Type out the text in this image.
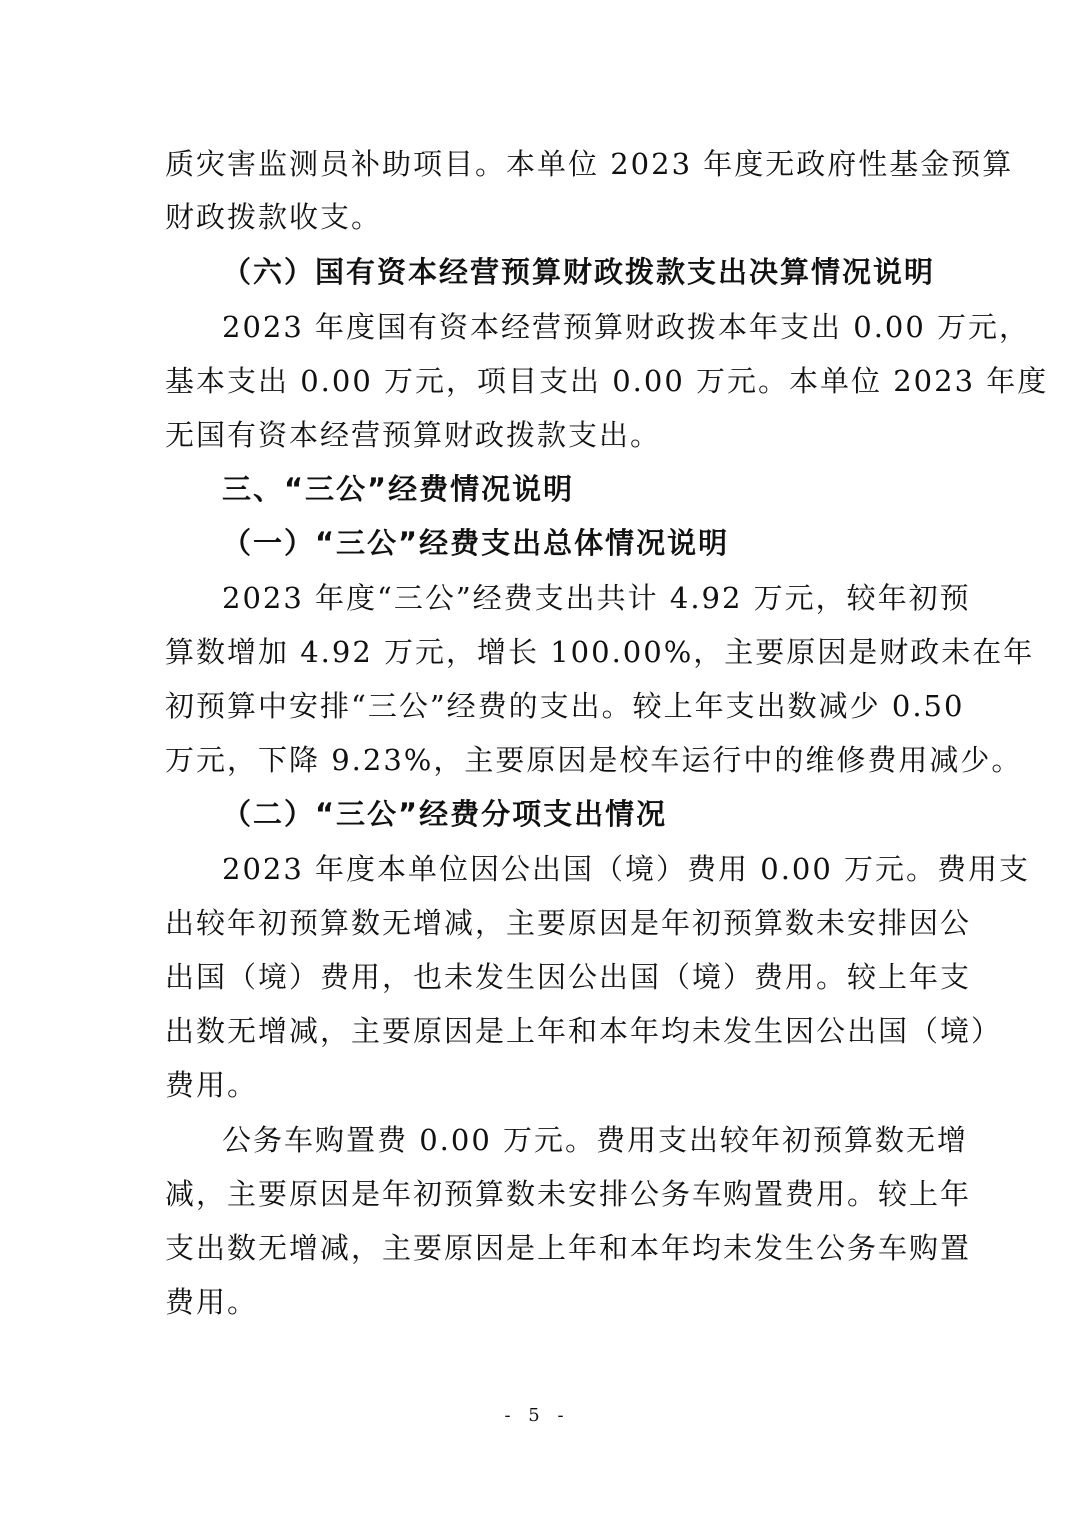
质灾害监测员补助项目。本单位 2023 年度无政府性基金预算
财政拨款收支。
（六）国有资本经营预算财政拨款支出决算情况说明
2023 年度国有资本经营预算财政拨本年支出 0.00 万元，
基本支出 0.00 万元，项目支出 0.00 万元。本单位 2023 年度
无国有资本经营预算财政拨款支出。
三、“三公”经费情况说明
（一）“三公”经费支出总体情况说明
2023 年度“三公”经费支出共计 4.92 万元，较年初预
算数增加 4.92 万元，增长 100.00%，主要原因是财政未在年
初预算中安排“三公”经费的支出。较上年支出数减少 0.50
万元，下降 9.23%，主要原因是校车运行中的维修费用减少。
（二）“三公”经费分项支出情况
2023 年度本单位因公出国（境）费用 0.00 万元。费用支
出较年初预算数无增减，主要原因是年初预算数未安排因公
出国（境）费用，也未发生因公出国（境）费用。较上年支
出数无增减，主要原因是上年和本年均未发生因公出国（境）
费用。
公务车购置费 0.00 万元。费用支出较年初预算数无增
减，主要原因是年初预算数未安排公务车购置费用。较上年
支出数无增减，主要原因是上年和本年均未发生公务车购置
费用。
- 5 -
